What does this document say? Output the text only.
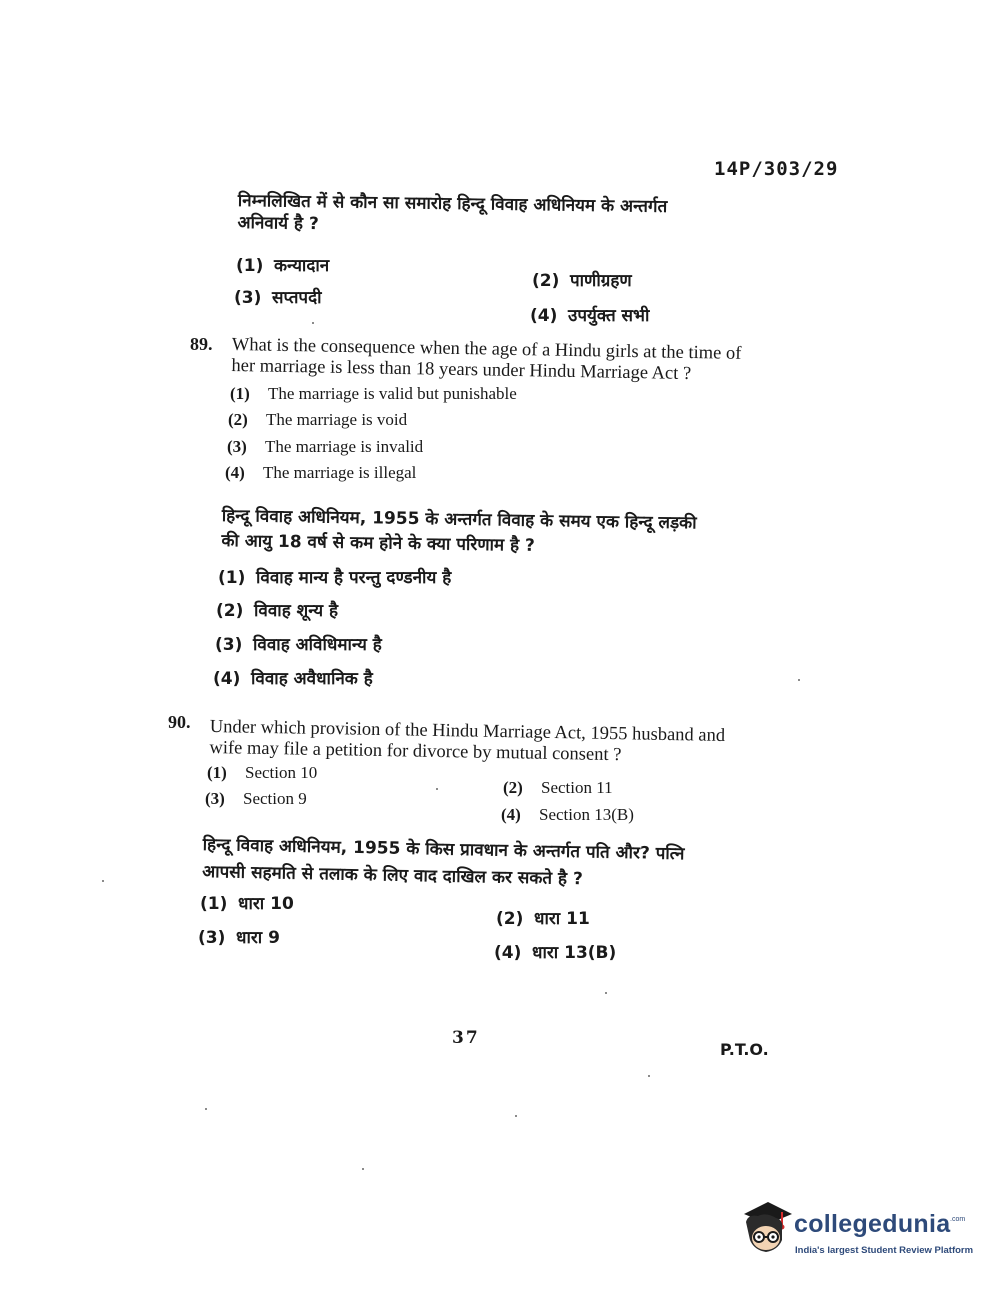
14P/303/29
निम्नलिखित में से कौन सा समारोह हिन्दू विवाह अधिनियम के अन्तर्गत
अनिवार्य है ?
(1) कन्यादान
(2) पाणीग्रहण
(3) सप्तपदी
(4) उपर्युक्त सभी
89. What is the consequence when the age of a Hindu girls at the time of
her marriage is less than 18 years under Hindu Marriage Act ?
(1) The marriage is valid but punishable
(2) The marriage is void
(3) The marriage is invalid
(4) The marriage is illegal
हिन्दू विवाह अधिनियम, 1955 के अन्तर्गत विवाह के समय एक हिन्दू लड़की
की आयु 18 वर्ष से कम होने के क्या परिणाम है ?
(1) विवाह मान्य है परन्तु दण्डनीय है
(2) विवाह शून्य है
(3) विवाह अविधिमान्य है
(4) विवाह अवैधानिक है
90. Under which provision of the Hindu Marriage Act, 1955 husband and
wife may file a petition for divorce by mutual consent ?
(1) Section 10
(2) Section 11
(3) Section 9
(4) Section 13(B)
हिन्दू विवाह अधिनियम, 1955 के किस प्रावधान के अन्तर्गत पति और? पत्नि
आपसी सहमति से तलाक के लिए वाद दाखिल कर सकते है ?
(1) धारा 10
(2) धारा 11
(3) धारा 9
(4) धारा 13(B)
37
P.T.O.
collegedunia .com
India's largest Student Review Platform
